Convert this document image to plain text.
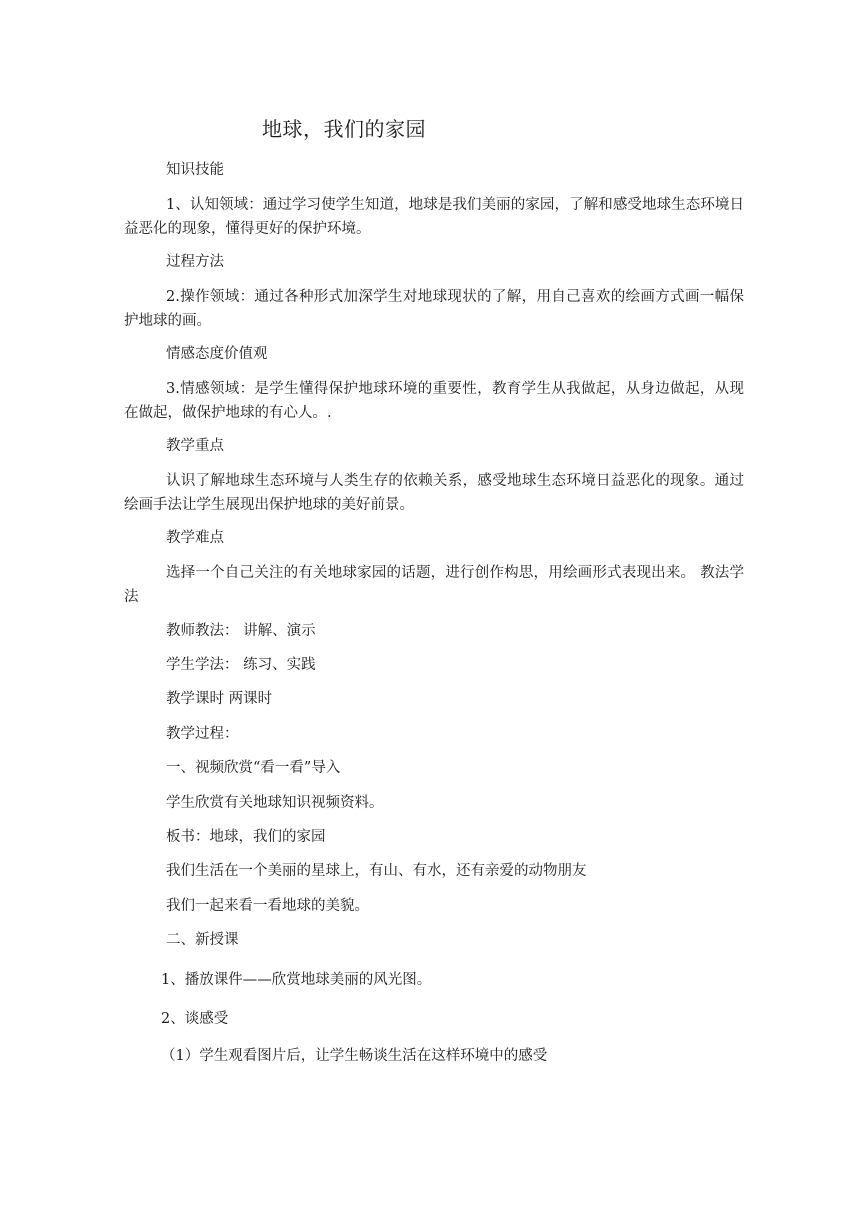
地球，我们的家园
知识技能
1、认知领域：通过学习使学生知道，地球是我们美丽的家园，了解和感受地球生态环境日益恶化的现象，懂得更好的保护环境。
过程方法
2.操作领域：通过各种形式加深学生对地球现状的了解，用自己喜欢的绘画方式画一幅保护地球的画。
情感态度价值观
3.情感领域：是学生懂得保护地球环境的重要性，教育学生从我做起，从身边做起，从现在做起，做保护地球的有心人。.
教学重点
认识了解地球生态环境与人类生存的依赖关系，感受地球生态环境日益恶化的现象。通过绘画手法让学生展现出保护地球的美好前景。
教学难点
选择一个自己关注的有关地球家园的话题，进行创作构思，用绘画形式表现出来。 教法学法
教师教法： 讲解、演示
学生学法： 练习、实践
教学课时 两课时
教学过程：
一、视频欣赏“看一看”导入
学生欣赏有关地球知识视频资料。
板书：地球，我们的家园
我们生活在一个美丽的星球上，有山、有水，还有亲爱的动物朋友
我们一起来看一看地球的美貌。
二、新授课
1、播放课件——欣赏地球美丽的风光图。
2、谈感受
（1）学生观看图片后，让学生畅谈生活在这样环境中的感受
